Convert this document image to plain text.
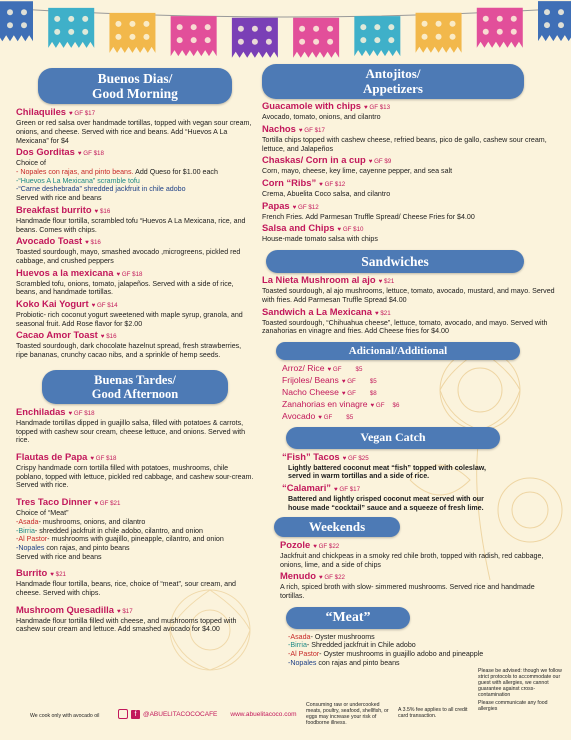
Buenos Dias/
Good Morning
Chilaquiles ♥ GF $17
Green or red salsa over handmade tortillas, topped with vegan sour cream, onions, and cheese. Served with rice and beans. Add “Huevos A La Mexicana” for $4
Dos Gorditas ♥ GF $18
Choice of
- Nopales con rajas, and pinto beans. Add Queso for $1.00 each
-“Huevos A La Mexicana” scramble tofu
-“Carne deshebrada” shredded jackfruit in chile adobo
Served with rice and beans
Breakfast burrito ♥ $16
Handmade flour tortilla, scrambled tofu “Huevos A La Mexicana, rice, and beans. Comes with chips.
Avocado Toast ♥ $16
Toasted sourdough, mayo, smashed avocado ,microgreens, pickled red cabbage, and crushed peppers
Huevos a la mexicana ♥ GF $18
Scrambled tofu, onions, tomato, jalapeños. Served with a side of rice, beans, and handmade tortillas.
Koko Kai Yogurt ♥ GF $14
Probiotic- rich coconut yogurt sweetened with maple syrup, granola, and seasonal fruit. Add Rose flavor for $2.00
Cacao Amor Toast ♥ $16
Toasted sourdough, dark chocolate hazelnut spread, fresh strawberries, ripe bananas, crunchy cacao nibs, and a sprinkle of hemp seeds.
Buenas Tardes/
Good Afternoon
Enchiladas ♥ GF $18
Handmade tortillas dipped in guajillo salsa, filled with potatoes & carrots, topped with cashew sour cream, cheese lettuce, and onions. Served with rice.
Flautas de Papa ♥ GF $18
Crispy handmade corn tortilla filled with potatoes, mushrooms, chile poblano, topped with lettuce, pickled red cabbage, and cashew sour-cream. Served with rice.
Tres Taco Dinner ♥ GF $21
Choice of “Meat”
-Asada- mushrooms, onions, and cilantro
-Birria- shredded jackfruit in chile adobo, cilantro, and onion
-Al Pastor- mushrooms with guajillo, pineapple, cilantro, and onion
-Nopales con rajas, and pinto beans
Served with rice and beans
Burrito ♥ $21
Handmade flour tortilla, beans, rice, choice of “meat”, sour cream, and cheese. Served with chips.
Mushroom Quesadilla ♥ $17
Handmade flour tortilla filled with cheese, and mushrooms topped with cashew sour cream and lettuce. Add smashed avocado for $4.00
Antojitos/
Appetizers
Guacamole with chips ♥ GF $13
Avocado, tomato, onions, and cilantro
Nachos ♥ GF $17
Tortilla chips topped with cashew cheese, refried beans, pico de gallo, cashew sour cream, lettuce, and Jalapeños
Chaskas/ Corn in a cup ♥ GF $9
Corn, mayo, cheese, key lime, cayenne pepper, and sea salt
Corn “Ribs” ♥ GF $12
Crema, Abuelita Coco salsa, and cilantro
Papas ♥ GF $12
French Fries. Add Parmesan Truffle Spread/ Cheese Fries for $4.00
Salsa and Chips ♥ GF $10
House-made tomato salsa with chips
Sandwiches
La Nieta Mushroom al ajo ♥ $21
Toasted sourdough, al ajo mushrooms, lettuce, tomato, avocado, mustard, and mayo. Served with fries. Add Parmesan Truffle Spread $4.00
Sandwich a La Mexicana ♥ $21
Toasted sourdough, “Chihuahua cheese”, lettuce, tomato, avocado, and mayo. Served with zanahorias en vinagre and fries. Add Cheese fries for $4.00
Adicional/Additional
Arroz/ Rice ♥ GF $5
Frijoles/ Beans ♥ GF $5
Nacho Cheese ♥ GF $8
Zanahorias en vinagre ♥ GF $6
Avocado ♥ GF $5
Vegan Catch
“Fish” Tacos ♥ GF $25
Lightly battered coconut meat “fish” topped with coleslaw, served in warm tortillas and a side of rice.
“Calamari” ♥ GF $17
Battered and lightly crisped coconut meat served with our house made “cocktail” sauce and a squeeze of fresh lime.
Weekends
Pozole ♥ GF $22
Jackfruit and chickpeas in a smoky red chile broth, topped with radish, red cabbage, onions, lime, and a side of chips
Menudo ♥ GF $22
A rich, spiced broth with slow- simmered mushrooms. Served rice and handmade tortillas.
“Meat”
-Asada- Oyster mushrooms
-Birria- Shredded jackfruit in Chile adobo
-Al Pastor- Oyster mushrooms in guajillo adobo and pineapple
-Nopales con rajas and pinto beans
Please be advised: though we follow strict protocols to accommodate our guest with allergies, we cannot guarantee against cross- contamination
Please communicate any food allergies
We cook only with avocado oil	f	@ABUELITACOCOCAFE www.abuelitacoco.com
Consuming raw or undercooked meats, poultry, seafood, shellfish, or eggs may increase your risk of foodborne illness.
A 3.5% fee applies to all credit card transaction.
